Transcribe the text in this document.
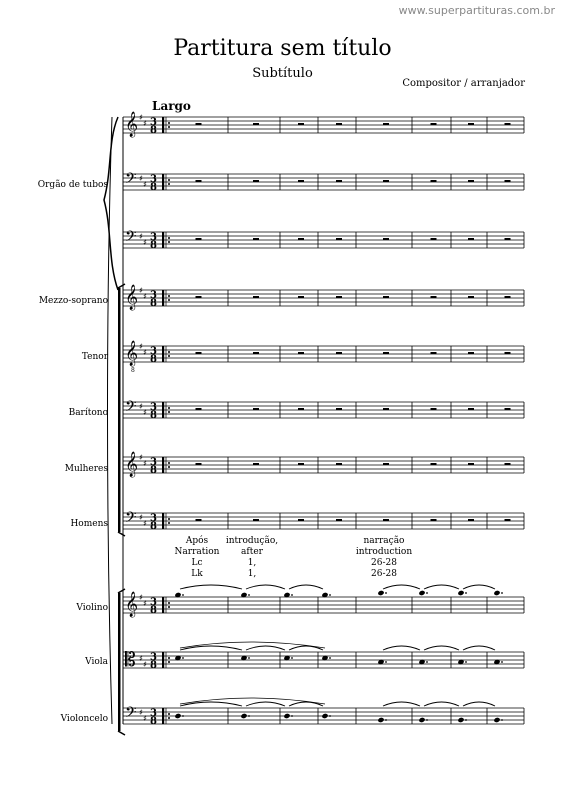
www.superpartituras.com.br
Partitura sem título
Subtítulo
Compositor / arranjador
Largo
Orgão de tubos
Mezzo-soprano
Tenor
Barítono
Mulheres
Homens
Violino
Viola
Violoncelo
Após
Narration
Lc
Lk
introdução,
after
1,
1,
narração
introduction
26-28
26-28
𝄞 ♯
♯ 3
8
𝄢 ♯
♯ 3
8
𝄢 ♯
♯ 3
8
𝄞 ♯
♯ 3
8
𝄞
8
♯
♯ 3
8
𝄢 ♯
♯ 3
8
𝄞 ♯
♯ 3
8
𝄢 ♯
♯ 3
8
𝄞 ♯
♯ 3
8
𝄡 ♯
♯
3
8
𝄢 ♯
♯ 3
8
